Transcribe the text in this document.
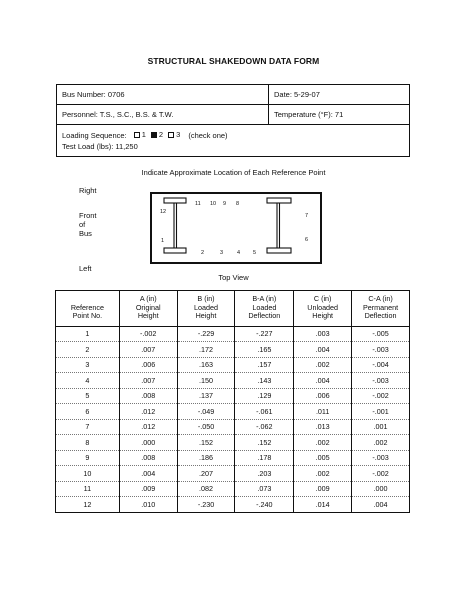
STRUCTURAL SHAKEDOWN DATA FORM
Bus Number: 0706	Date: 5-29-07
Personnel: T.S., S.C., B.S. & T.W.	Temperature (°F): 71
Loading Sequence: 1 2 3 (check one)
Test Load (lbs): 11,250
Indicate Approximate Location of Each Reference Point
Right
Front
of
Bus
Left
11 10 9 8
12
1
2	3	4 5
7
6
Top View
Reference
Point No.	A (in)
Original
Height	B (in)
Loaded
Height	B-A (in)
Loaded
Deflection	C (in)
Unloaded
Height	C-A (in)
Permanent
Deflection

1	-.002	-.229	-.227	.003	-.005
2	.007	.172	.165	.004	-.003
3	.006	.163	.157	.002	-.004
4	.007	.150	.143	.004	-.003
5	.008	.137	.129	.006	-.002
6	.012	-.049	-.061	.011	-.001
7	.012	-.050	-.062	.013	.001
8	.000	.152	.152	.002	.002
9	.008	.186	.178	.005	-.003
10	.004	.207	.203	.002	-.002
11	.009	.082	.073	.009	.000
12	.010	-.230	-.240	.014	.004
